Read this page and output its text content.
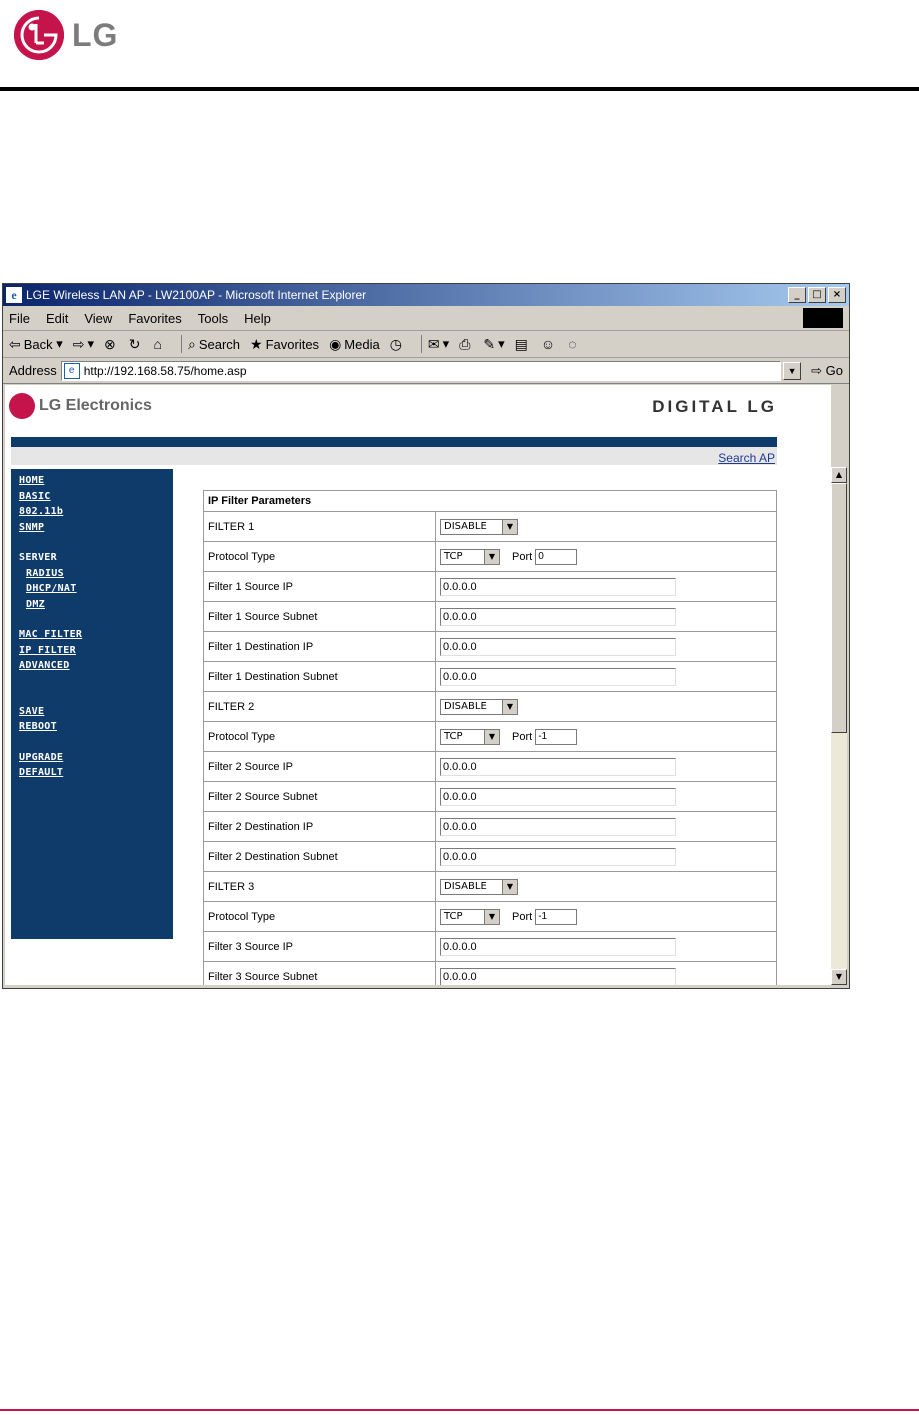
LG
e LGE Wireless LAN AP - LW2100AP - Microsoft Internet Explorer	_	□	×
File Edit View Favorites Tools Help
⇦ Back ▾ ⇨ ▾ ⊗ ↻ ⌂ ⌕ Search ★ Favorites ◉ Media ◷ ✉ ▾ ⎙ ✎ ▾ ▤ ☺ ◌
Address	e http://192.168.58.75/home.asp	▼	⇨ Go
LG Electronics	DIGITAL LG
Search AP
HOME
BASIC
802.11b
SNMP
SERVER
RADIUS
DHCP/NAT
DMZ
MAC FILTER
IP FILTER
ADVANCED
SAVE
REBOOT
UPGRADE
DEFAULT
IP Filter Parameters	
FILTER 1	DISABLE ▼

Protocol Type	TCP ▼ Port 0

Filter 1 Source IP	0.0.0.0

Filter 1 Source Subnet	0.0.0.0

Filter 1 Destination IP	0.0.0.0

Filter 1 Destination Subnet	0.0.0.0

FILTER 2	DISABLE ▼

Protocol Type	TCP ▼ Port -1

Filter 2 Source IP	0.0.0.0

Filter 2 Source Subnet	0.0.0.0

Filter 2 Destination IP	0.0.0.0

Filter 2 Destination Subnet	0.0.0.0

FILTER 3	DISABLE ▼

Protocol Type	TCP ▼ Port -1

Filter 3 Source IP	0.0.0.0

Filter 3 Source Subnet	0.0.0.0
▲
▼
